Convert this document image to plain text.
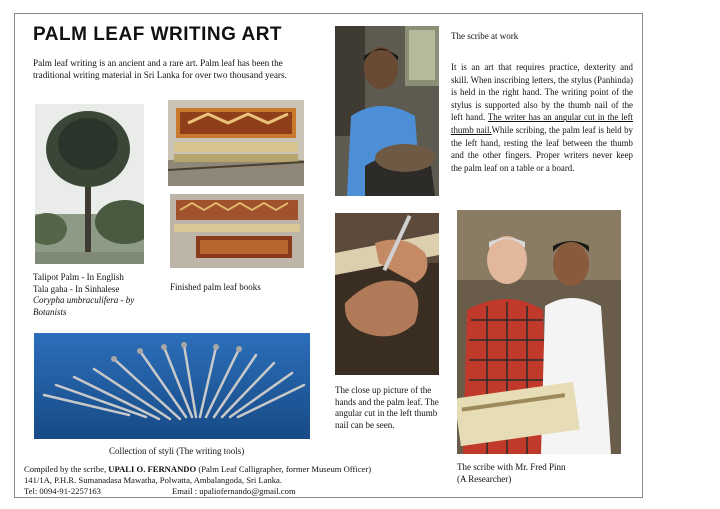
PALM LEAF WRITING ART
Palm leaf writing is an ancient and a rare art. Palm leaf has been the traditional writing material in Sri Lanka for over two thousand years.
Talipot Palm - In English
Tala gaha - In Sinhalese
Corypha umbraculifera - by
Botanists
Finished palm leaf books
Collection of styli (The writing tools)
The scribe at work
It is an art that requires practice, dexterity and skill. When inscribing letters, the stylus (Panhinda) is held in the right hand. The writing point of the stylus is supported also by the thumb nail of the left hand. The writer has an angular cut in the left thumb nail.While scribing, the palm leaf is held by the left hand, resting the leaf between the thumb and the other fingers. Proper writers never keep the palm leaf on a table or a board.
The close up picture of the hands and the palm leaf. The angular cut in the left thumb nail can be seen.
The scribe with Mr. Fred Pinn
(A Researcher)
Compiled by the scribe, UPALI O. FERNANDO (Palm Leaf Calligrapher, former Museum Officer)
141/1A, P.H.R. Sumanadasa Mawatha, Polwatta, Ambalangoda, Sri Lanka.
Tel: 0094-91-2257163	Email : upaliofernando@gmail.com
